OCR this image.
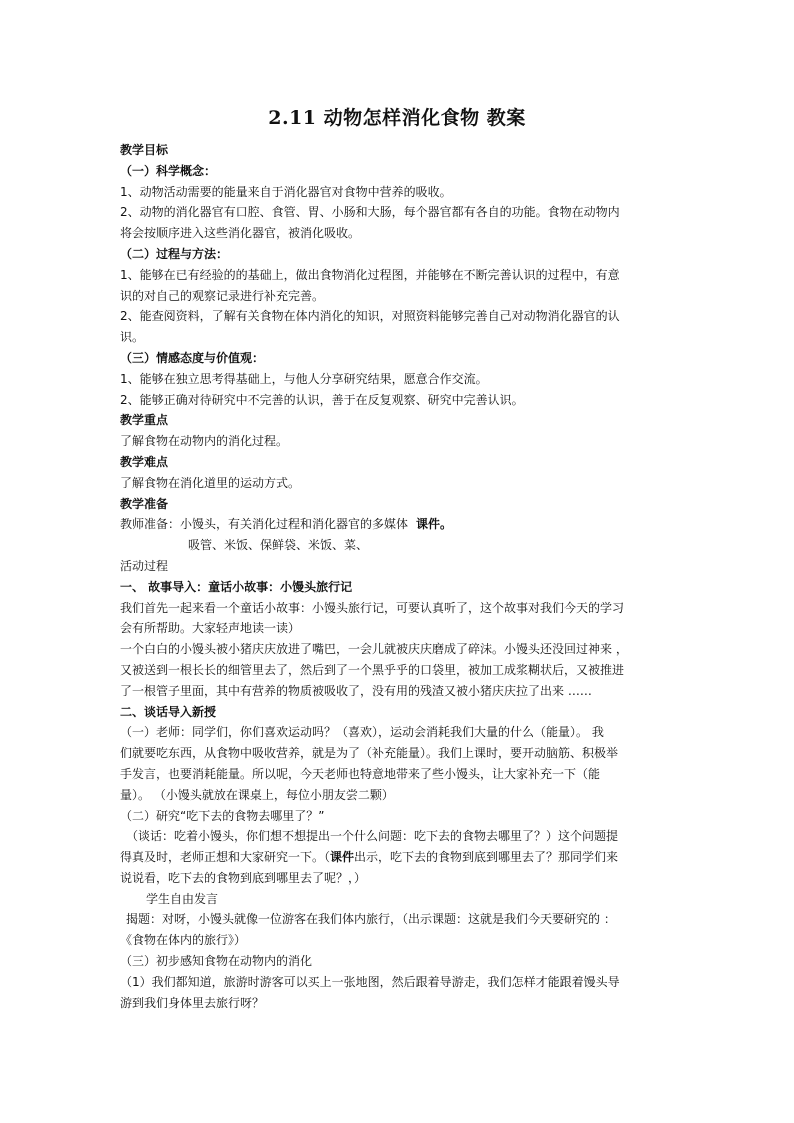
2.11 动物怎样消化食物 教案
教学目标
（一）科学概念：
1、动物活动需要的能量来自于消化器官对食物中营养的吸收。
2、动物的消化器官有口腔、食管、胃、小肠和大肠，每个器官都有各自的功能。食物在动物内
将会按顺序进入这些消化器官，被消化吸收。
（二）过程与方法：
1、能够在已有经验的的基础上，做出食物消化过程图，并能够在不断完善认识的过程中，有意
识的对自己的观察记录进行补充完善。
2、能查阅资料，了解有关食物在体内消化的知识，对照资料能够完善自己对动物消化器官的认
识。
（三）情感态度与价值观：
1、能够在独立思考得基础上，与他人分享研究结果，愿意合作交流。
2、能够正确对待研究中不完善的认识，善于在反复观察、研究中完善认识。
教学重点
了解食物在动物内的消化过程。
教学难点
了解食物在消化道里的运动方式。
教学准备
教师准备：小馒头，有关消化过程和消化器官的多媒体 课件。
吸管、米饭、保鲜袋、米饭、菜、
活动过程
一、 故事导入：童话小故事：小馒头旅行记
我们首先一起来看一个童话小故事：小馒头旅行记，可要认真听了，这个故事对我们今天的学习
会有所帮助。大家轻声地读一读）
一个白白的小馒头被小猪庆庆放进了嘴巴，一会儿就被庆庆磨成了碎沫。小馒头还没回过神来 ，
又被送到一根长长的细管里去了，然后到了一个黑乎乎的口袋里，被加工成浆糊状后，又被推进
了一根管子里面，其中有营养的物质被吸收了，没有用的残渣又被小猪庆庆拉了出来 ……
二、谈话导入新授
（一）老师：同学们，你们喜欢运动吗？（喜欢），运动会消耗我们大量的什么（能量）。 我
们就要吃东西，从食物中吸收营养，就是为了（补充能量）。我们上课时，要开动脑筋、积极举
手发言，也要消耗能量。所以呢，今天老师也特意地带来了些小馒头，让大家补充一下（能
量）。 （小馒头就放在课桌上，每位小朋友尝二颗）
（二）研究“吃下去的食物去哪里了？”
（谈话：吃着小馒头，你们想不想提出一个什么问题：吃下去的食物去哪里了？）这个问题提
得真及时，老师正想和大家研究一下。（课件出示，吃下去的食物到底到哪里去了？那同学们来
说说看，吃下去的食物到底到哪里去了呢？，）
学生自由发言
揭题：对呀，小馒头就像一位游客在我们体内旅行，（出示课题：这就是我们今天要研究的 ：
《食物在体内的旅行》）
（三）初步感知食物在动物内的消化
（1）我们都知道，旅游时游客可以买上一张地图，然后跟着导游走，我们怎样才能跟着馒头导
游到我们身体里去旅行呀？
